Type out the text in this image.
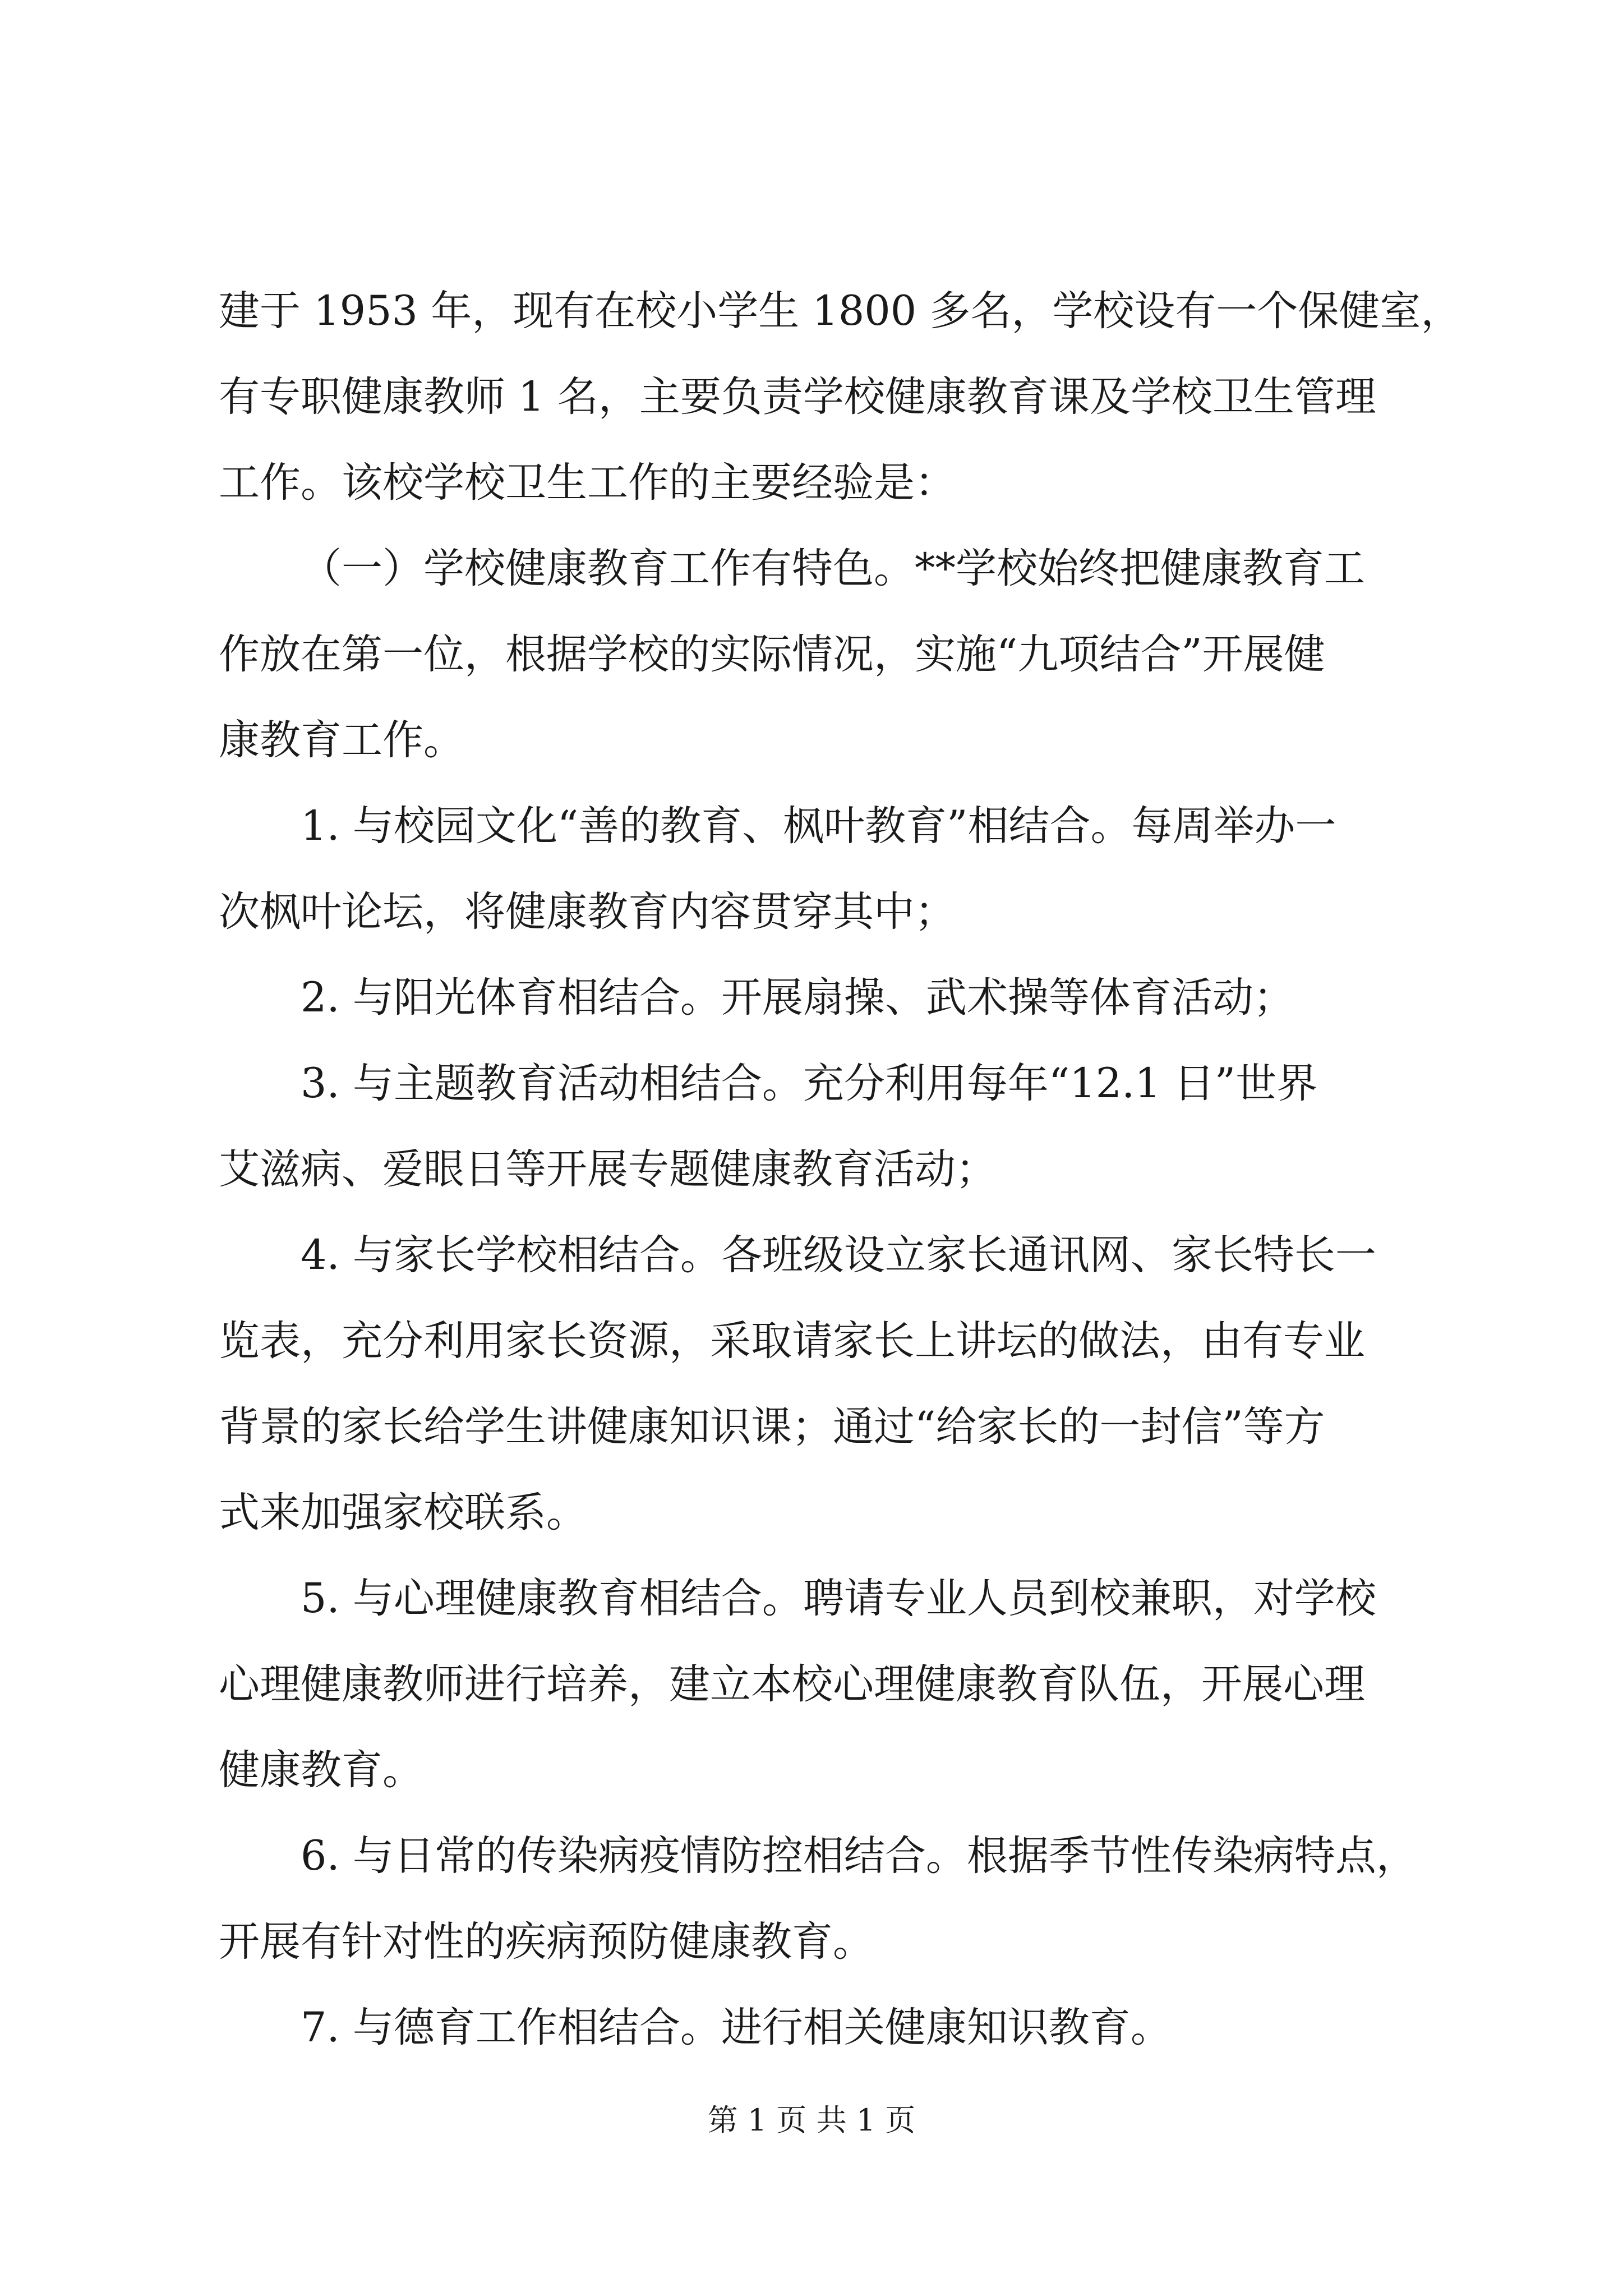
建于 1953 年，现有在校小学生 1800 多名，学校设有一个保健室，
有专职健康教师 1 名，主要负责学校健康教育课及学校卫生管理
工作。该校学校卫生工作的主要经验是：
（一）学校健康教育工作有特色。**学校始终把健康教育工
作放在第一位，根据学校的实际情况，实施“九项结合”开展健
康教育工作。
1. 与校园文化“善的教育、枫叶教育”相结合。每周举办一
次枫叶论坛，将健康教育内容贯穿其中；
2. 与阳光体育相结合。开展扇操、武术操等体育活动；
3. 与主题教育活动相结合。充分利用每年“12.1 日”世界
艾滋病、爱眼日等开展专题健康教育活动；
4. 与家长学校相结合。各班级设立家长通讯网、家长特长一
览表，充分利用家长资源，采取请家长上讲坛的做法，由有专业
背景的家长给学生讲健康知识课；通过“给家长的一封信”等方
式来加强家校联系。
5. 与心理健康教育相结合。聘请专业人员到校兼职，对学校
心理健康教师进行培养，建立本校心理健康教育队伍，开展心理
健康教育。
6. 与日常的传染病疫情防控相结合。根据季节性传染病特点，
开展有针对性的疾病预防健康教育。
7. 与德育工作相结合。进行相关健康知识教育。
第 1 页 共 1 页
